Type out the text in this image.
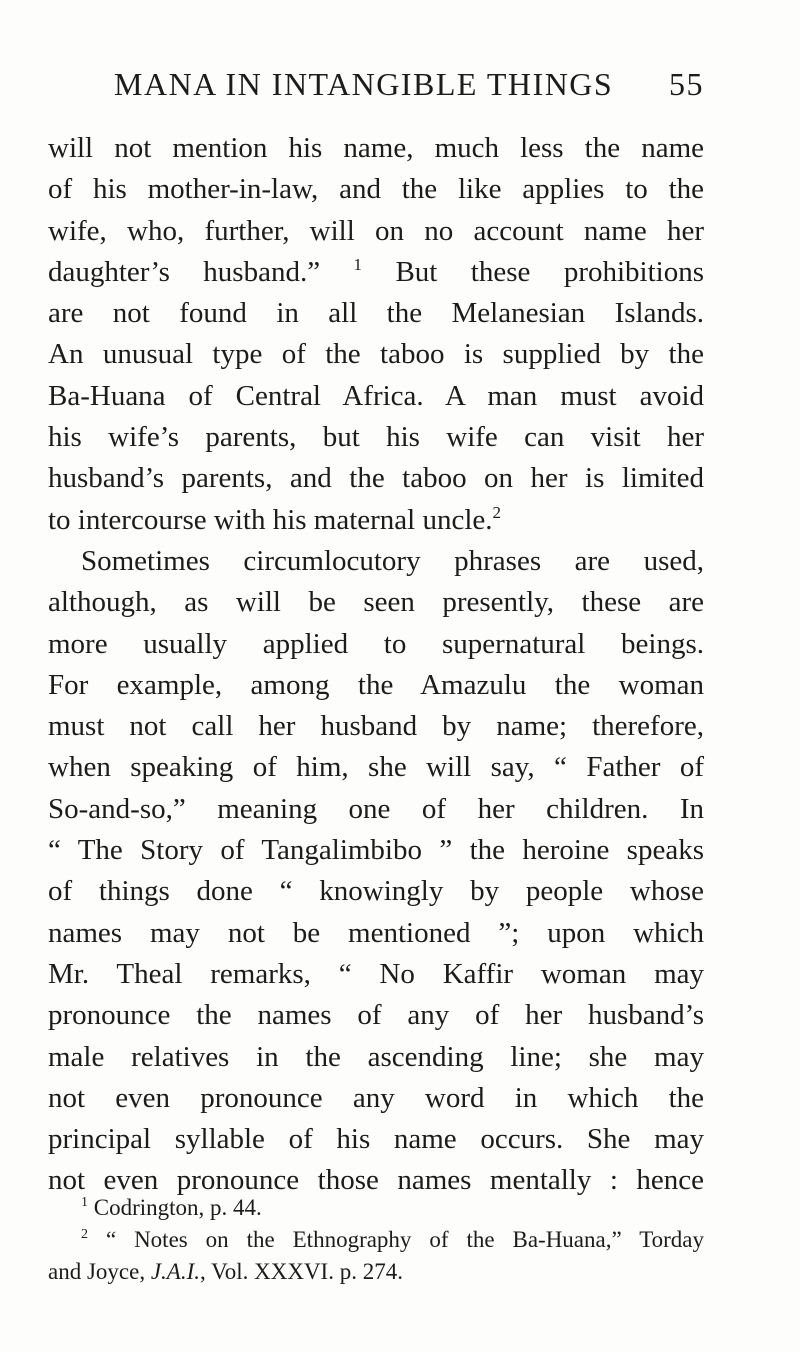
MANA IN INTANGIBLE THINGS 55
will not mention his name, much less the name
of his mother-in-law, and the like applies to the
wife, who, further, will on no account name her
daughter’s husband.” $^1$ But these prohibitions
are not found in all the Melanesian Islands.
An unusual type of the taboo is supplied by the
Ba-Huana of Central Africa. A man must avoid
his wife’s parents, but his wife can visit her
husband’s parents, and the taboo on her is limited
to intercourse with his maternal uncle.$^2$
Sometimes circumlocutory phrases are used,
although, as will be seen presently, these are
more usually applied to supernatural beings.
For example, among the Amazulu the woman
must not call her husband by name; therefore,
when speaking of him, she will say, “ Father of
So-and-so,” meaning one of her children. In
“ The Story of Tangalimbibo ” the heroine speaks
of things done “ knowingly by people whose
names may not be mentioned ”; upon which
Mr. Theal remarks, “ No Kaffir woman may
pronounce the names of any of her husband’s
male relatives in the ascending line; she may
not even pronounce any word in which the
principal syllable of his name occurs. She may
not even pronounce those names mentally : hence
$^1$ Codrington, p. 44.
$^2$ “ Notes on the Ethnography of the Ba-Huana,” Torday
and Joyce, J.A.I., Vol. XXXVI. p. 274.
